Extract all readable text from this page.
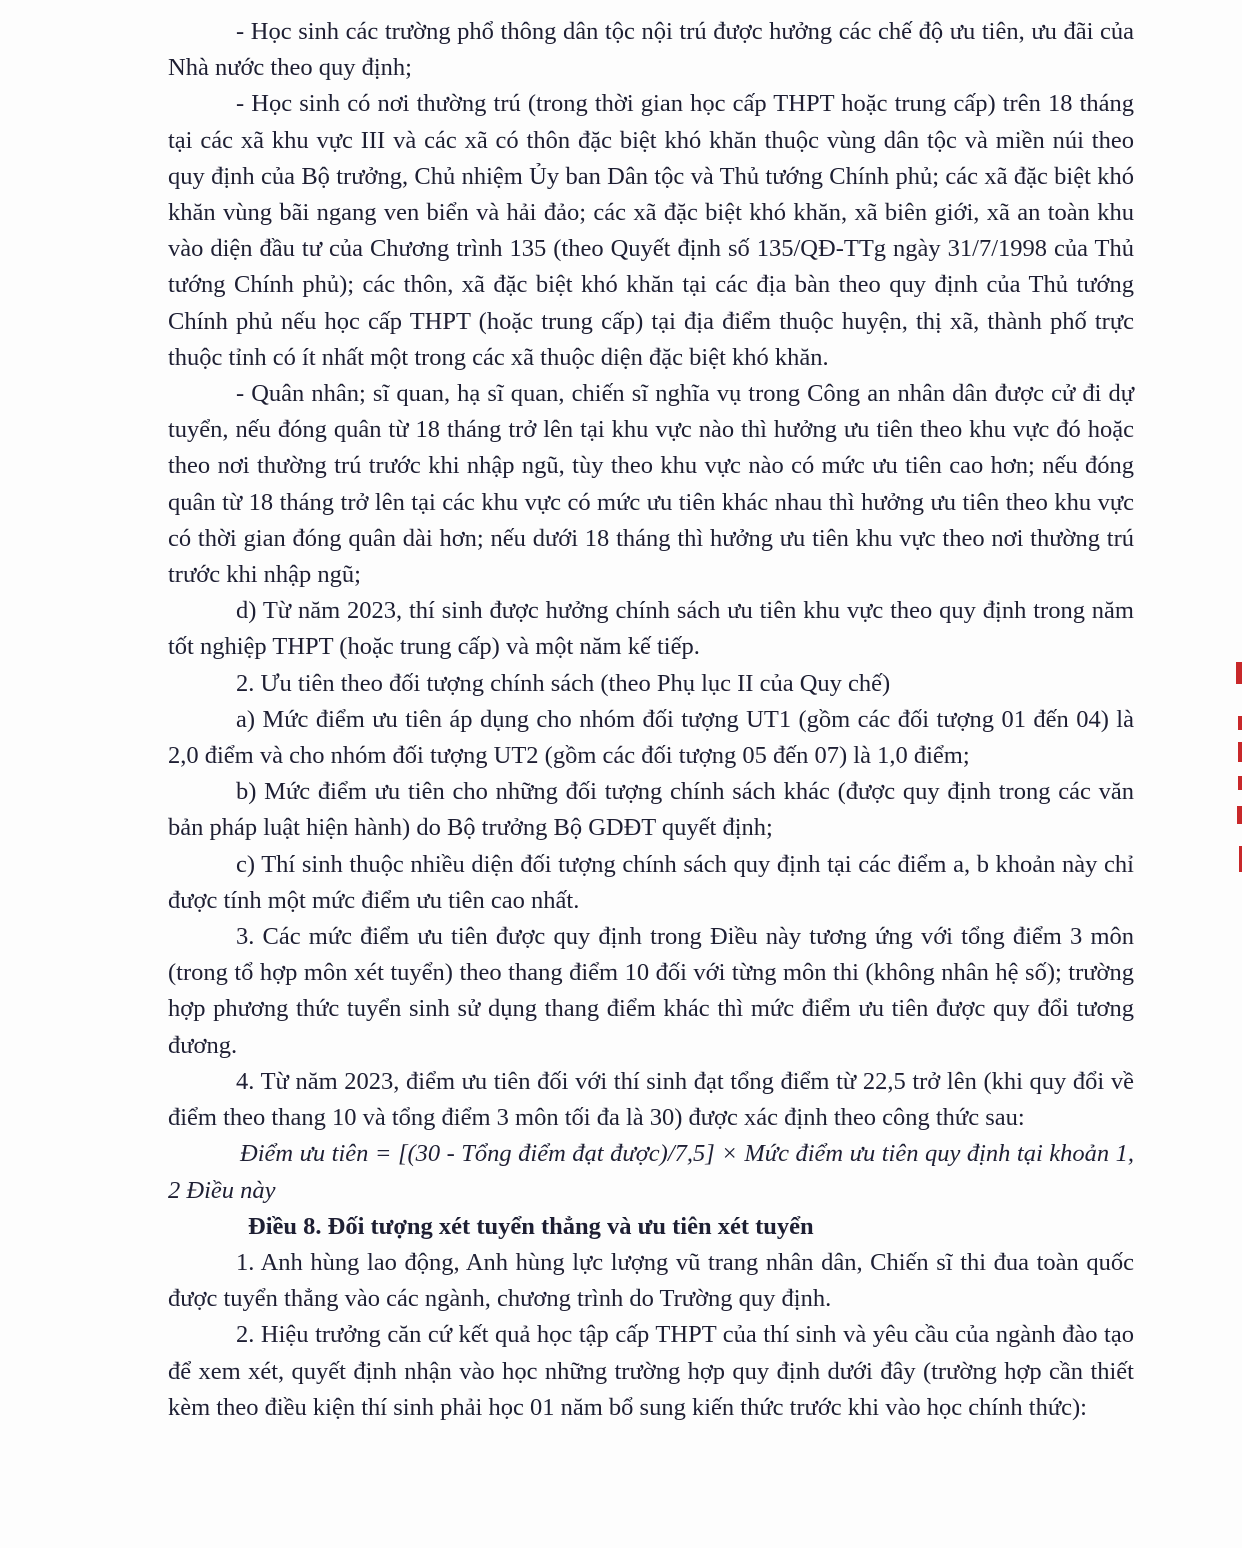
- Học sinh các trường phổ thông dân tộc nội trú được hưởng các chế độ ưu tiên, ưu đãi của Nhà nước theo quy định;

- Học sinh có nơi thường trú (trong thời gian học cấp THPT hoặc trung cấp) trên 18 tháng tại các xã khu vực III và các xã có thôn đặc biệt khó khăn thuộc vùng dân tộc và miền núi theo quy định của Bộ trưởng, Chủ nhiệm Ủy ban Dân tộc và Thủ tướng Chính phủ; các xã đặc biệt khó khăn vùng bãi ngang ven biển và hải đảo; các xã đặc biệt khó khăn, xã biên giới, xã an toàn khu vào diện đầu tư của Chương trình 135 (theo Quyết định số 135/QĐ-TTg ngày 31/7/1998 của Thủ tướng Chính phủ); các thôn, xã đặc biệt khó khăn tại các địa bàn theo quy định của Thủ tướng Chính phủ nếu học cấp THPT (hoặc trung cấp) tại địa điểm thuộc huyện, thị xã, thành phố trực thuộc tỉnh có ít nhất một trong các xã thuộc diện đặc biệt khó khăn.

- Quân nhân; sĩ quan, hạ sĩ quan, chiến sĩ nghĩa vụ trong Công an nhân dân được cử đi dự tuyển, nếu đóng quân từ 18 tháng trở lên tại khu vực nào thì hưởng ưu tiên theo khu vực đó hoặc theo nơi thường trú trước khi nhập ngũ, tùy theo khu vực nào có mức ưu tiên cao hơn; nếu đóng quân từ 18 tháng trở lên tại các khu vực có mức ưu tiên khác nhau thì hưởng ưu tiên theo khu vực có thời gian đóng quân dài hơn; nếu dưới 18 tháng thì hưởng ưu tiên khu vực theo nơi thường trú trước khi nhập ngũ;

d) Từ năm 2023, thí sinh được hưởng chính sách ưu tiên khu vực theo quy định trong năm tốt nghiệp THPT (hoặc trung cấp) và một năm kế tiếp.

2. Ưu tiên theo đối tượng chính sách (theo Phụ lục II của Quy chế)

a) Mức điểm ưu tiên áp dụng cho nhóm đối tượng UT1 (gồm các đối tượng 01 đến 04) là 2,0 điểm và cho nhóm đối tượng UT2 (gồm các đối tượng 05 đến 07) là 1,0 điểm;

b) Mức điểm ưu tiên cho những đối tượng chính sách khác (được quy định trong các văn bản pháp luật hiện hành) do Bộ trưởng Bộ GDĐT quyết định;

c) Thí sinh thuộc nhiều diện đối tượng chính sách quy định tại các điểm a, b khoản này chỉ được tính một mức điểm ưu tiên cao nhất.

3. Các mức điểm ưu tiên được quy định trong Điều này tương ứng với tổng điểm 3 môn (trong tổ hợp môn xét tuyển) theo thang điểm 10 đối với từng môn thi (không nhân hệ số); trường hợp phương thức tuyển sinh sử dụng thang điểm khác thì mức điểm ưu tiên được quy đổi tương đương.

4. Từ năm 2023, điểm ưu tiên đối với thí sinh đạt tổng điểm từ 22,5 trở lên (khi quy đổi về điểm theo thang 10 và tổng điểm 3 môn tối đa là 30) được xác định theo công thức sau:

Điểm ưu tiên = [(30 - Tổng điểm đạt được)/7,5] × Mức điểm ưu tiên quy định tại khoản 1, 2 Điều này

Điều 8. Đối tượng xét tuyển thẳng và ưu tiên xét tuyển

1. Anh hùng lao động, Anh hùng lực lượng vũ trang nhân dân, Chiến sĩ thi đua toàn quốc được tuyển thẳng vào các ngành, chương trình do Trường quy định.

2. Hiệu trưởng căn cứ kết quả học tập cấp THPT của thí sinh và yêu cầu của ngành đào tạo để xem xét, quyết định nhận vào học những trường hợp quy định dưới đây (trường hợp cần thiết kèm theo điều kiện thí sinh phải học 01 năm bổ sung kiến thức trước khi vào học chính thức):
